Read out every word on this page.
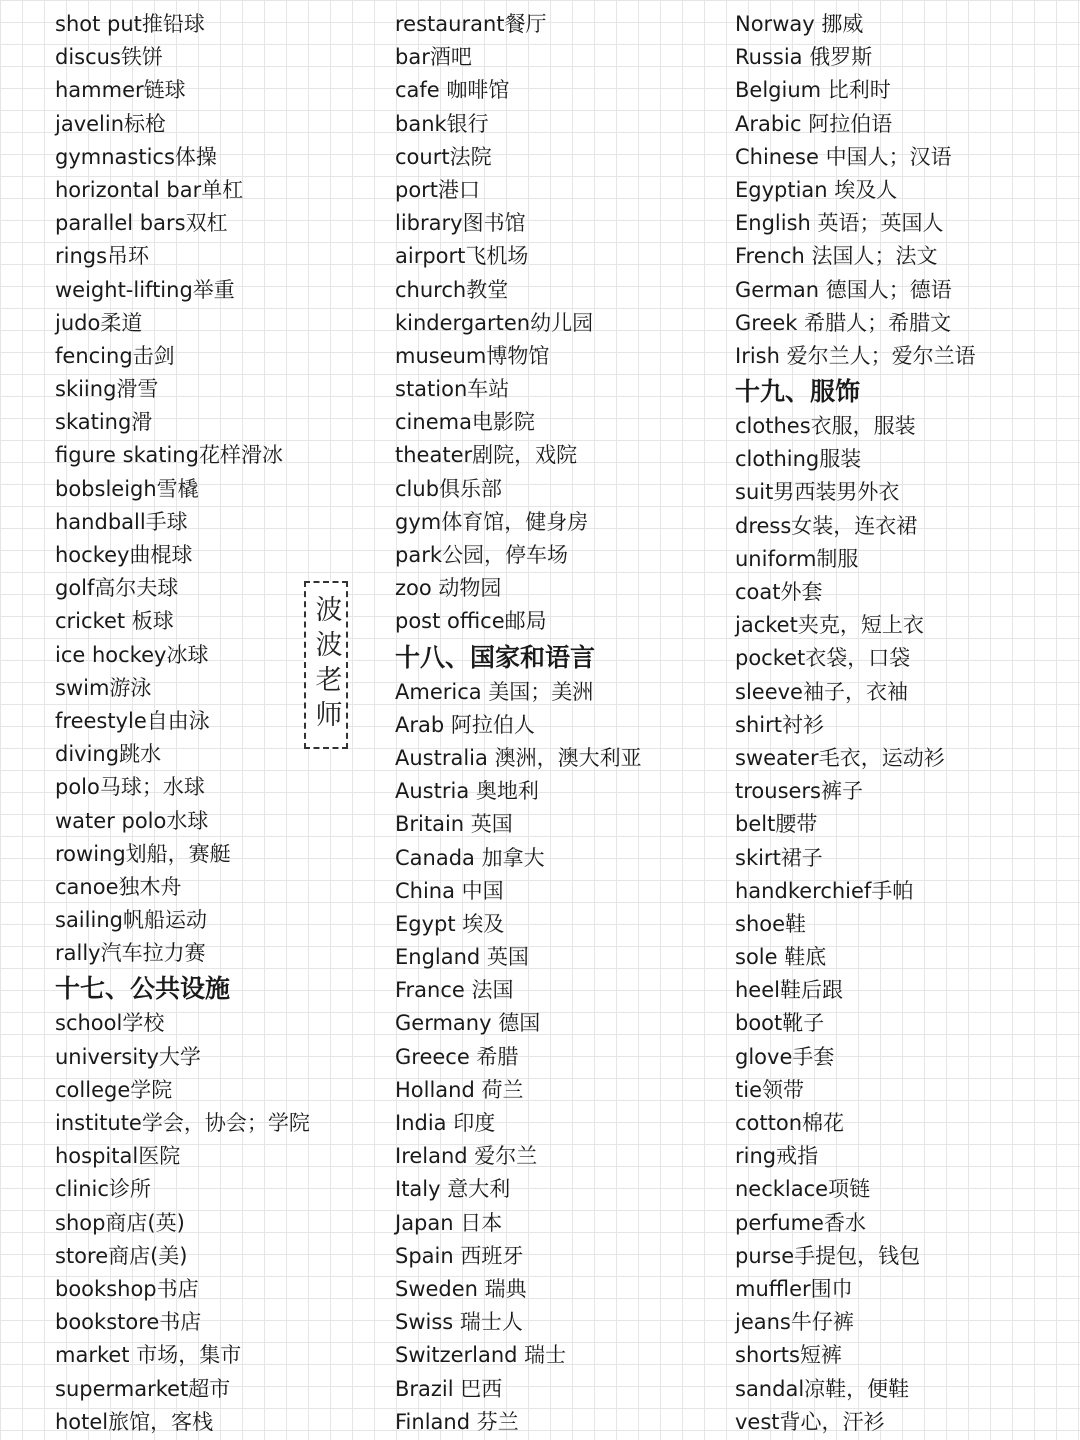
shot put推铅球
discus铁饼
hammer链球
javelin标枪
gymnastics体操
horizontal bar单杠
parallel bars双杠
rings吊环
weight-lifting举重
judo柔道
fencing击剑
skiing滑雪
skating滑
figure skating花样滑冰
bobsleigh雪橇
handball手球
hockey曲棍球
golf高尔夫球
cricket 板球
ice hockey冰球
swim游泳
freestyle自由泳
diving跳水
polo马球；水球
water polo水球
rowing划船，赛艇
canoe独木舟
sailing帆船运动
rally汽车拉力赛
十七、公共设施
school学校
university大学
college学院
institute学会，协会；学院
hospital医院
clinic诊所
shop商店(英)
store商店(美)
bookshop书店
bookstore书店
market 市场，集市
supermarket超市
hotel旅馆，客栈
restaurant餐厅
bar酒吧
cafe 咖啡馆
bank银行
court法院
port港口
library图书馆
airport飞机场
church教堂
kindergarten幼儿园
museum博物馆
station车站
cinema电影院
theater剧院，戏院
club俱乐部
gym体育馆，健身房
park公园，停车场
zoo 动物园
post office邮局
十八、国家和语言
America 美国；美洲
Arab 阿拉伯人
Australia 澳洲，澳大利亚
Austria 奥地利
Britain 英国
Canada 加拿大
China 中国
Egypt 埃及
England 英国
France 法国
Germany 德国
Greece 希腊
Holland 荷兰
India 印度
Ireland 爱尔兰
Italy 意大利
Japan 日本
Spain 西班牙
Sweden 瑞典
Swiss 瑞士人
Switzerland 瑞士
Brazil 巴西
Finland 芬兰
Norway 挪威
Russia 俄罗斯
Belgium 比利时
Arabic 阿拉伯语
Chinese 中国人；汉语
Egyptian 埃及人
English 英语；英国人
French 法国人；法文
German 德国人；德语
Greek 希腊人；希腊文
Irish 爱尔兰人；爱尔兰语
十九、服饰
clothes衣服，服装
clothing服装
suit男西装男外衣
dress女装，连衣裙
uniform制服
coat外套
jacket夹克，短上衣
pocket衣袋，口袋
sleeve袖子，衣袖
shirt衬衫
sweater毛衣，运动衫
trousers裤子
belt腰带
skirt裙子
handkerchief手帕
shoe鞋
sole 鞋底
heel鞋后跟
boot靴子
glove手套
tie领带
cotton棉花
ring戒指
necklace项链
perfume香水
purse手提包，钱包
muffler围巾
jeans牛仔裤
shorts短裤
sandal凉鞋，便鞋
vest背心，汗衫
波波老师
